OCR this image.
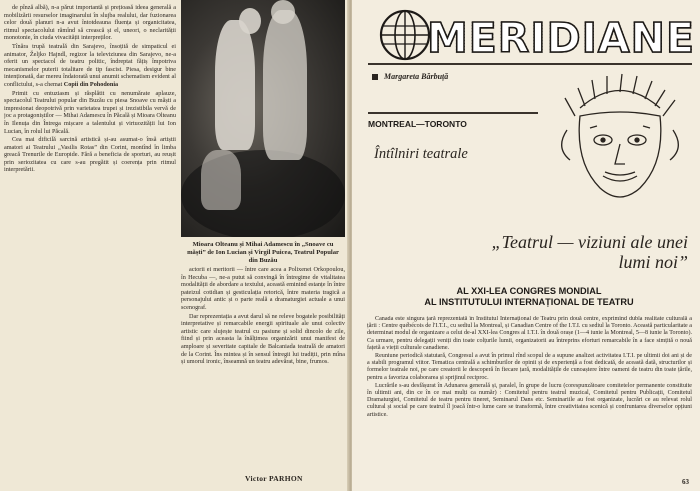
de pînză albă), n-a părut importantă și prețioasă ideea generală a mobilizării resurselor imaginarului în slujba realului, dar fuzionarea celor două planuri n-a avut întotdeauna fluența și organicitatea, ritmul spectacolului rămînd să crească și el, uneori, o neclarității monotonie, în ciuda vivacității interpreților.

Tînăra trupă teatrală din Sarajevo, însoțită de simpaticul ei animator, Željko Hajndl, regizor la televiziunea din Sarajevo, ne-a oferit un spectacol de teatru politic, îndreptat fățiș împotriva mecanismelor puterii totalitare de tip fascist. Piesa, desigur bine intenționată, dar mereu îndatorată unui anumit schematism evident al conflictului, s-a chemat Copii din Pohodonia

Primit cu entuziasm și răsplătit cu nenumărate aplauze, spectacolul Teatrului popular din Buzău cu piesa Snoave cu măști a impresionat deopotrivă prin varietatea trupei și irezistibila vervă de joc a protagoniștilor — Mihai Adamescu în Păcală și Mioara Olteanu în Ilenuța din Întrega mișcare a talentului și virtuozității lui Ion Lucian, în rolul lui Păcală.

Cea mai dificilă sarcină artistică și-au asumat-o însă artiștii amatori ai Teatrului „Vasilis Rotas” din Corint, montînd în limba greacă Trenurile de Europide. Fără a beneficia de sporturi, au reușit prin seriozitatea cu care s-au pregătit și coerența prin ritmul interpretării.

Mioara Olteanu și Mihai Adamescu în „Snoave cu măști” de Ion Lucian și Virgil Puicea, Teatrul Popular din Buzău

actorii ei meritorii — între care acea a Polixenei Orkopoulou, în Hecuba —, ne-a putut să convingă în întregime de vitalitatea modalității de abordare a textului, această eminind estanțe în între pateizul cotidian și gesticulația retorică, între materia tragică a personajului antic și o parte reală a dramaturgiei actuale a unui scenograf.

Dar reprezentația a avut darul să ne releve bogatele posibilități interpretative și remarcabile energii spirituale ale unui colectiv artistic care slujește teatrul cu pasiune și solid dincolo de zile, fiind și prin aceasta la înălțimea organizării unui manifest de amploare și severitate capitale de Balcaniada teatrală de amatori de la Corint. Îns mintea și în sensul întregii lui tradiții, prin mîna și umorul ironic, înseamnă un teatru adevărat, bine, frumos.

Victor PARHON
MERIDIANE
Margareta Bărbuță
MONTREAL—TORONTO
Întîlniri teatrale
„Teatrul — viziuni ale unei lumi noi”
AL XXI-LEA CONGRES MONDIAL
AL INSTITUTULUI INTERNAȚIONAL DE TEATRU

Canada este singura țară reprezentată în Institutul Internațional de Teatru prin două centre, exprimînd dubla realitate culturală a țării : Centre québécois de l'I.T.I., cu sediul la Montreal, și Canadian Centre of the I.T.I. cu sediul la Toronto. Această particularitate a determinat modul de organizare a celui de-al XXI-lea Congres al I.T.I. în două orașe (1—4 iunie la Montreal, 5—8 iunie la Toronto). Ca urmare, pentru delegații veniți din toate colțurile lumii, organizatorii au întreprins eforturi remarcabile în a face simțită o nouă fațetă a vieții culturale canadiene.

Reuniune periodică statutară, Congresul a avut în primul rînd scopul de a supune analizei activitatea I.T.I. pe ultimii doi ani și de a stabili programul viitor. Tematica centrală a schimburilor de opinii și de experiență a fost dedicată, de această dată, structurilor și formelor teatrale noi, pe care creatorii le descoperă în fiecare țară, modalitățile de cunoaștere între oameni de teatru din toate țările, pentru a favoriza colaborarea și sprijinul reciproc.

Lucrările s-au desfășurat în Adunarea generală și, paralel, în grupe de lucru (corespunzătoare comitetelor permanente constituite în ultimii ani, din ce în ce mai mulți ca număr) : Comitetul pentru teatrul muzical, Comitetul pentru Publicații, Comitetul Dramaturgiei, Comitetul de teatru pentru tineret, Seminarul Dans etc. Seminariile au fost organizate, lucrări ce au relevat rolul cultural și social pe care teatrul îl joacă într-o lume care se transformă, între creativitatea scenică și confruntarea diverselor opțiuni artistice.

63
